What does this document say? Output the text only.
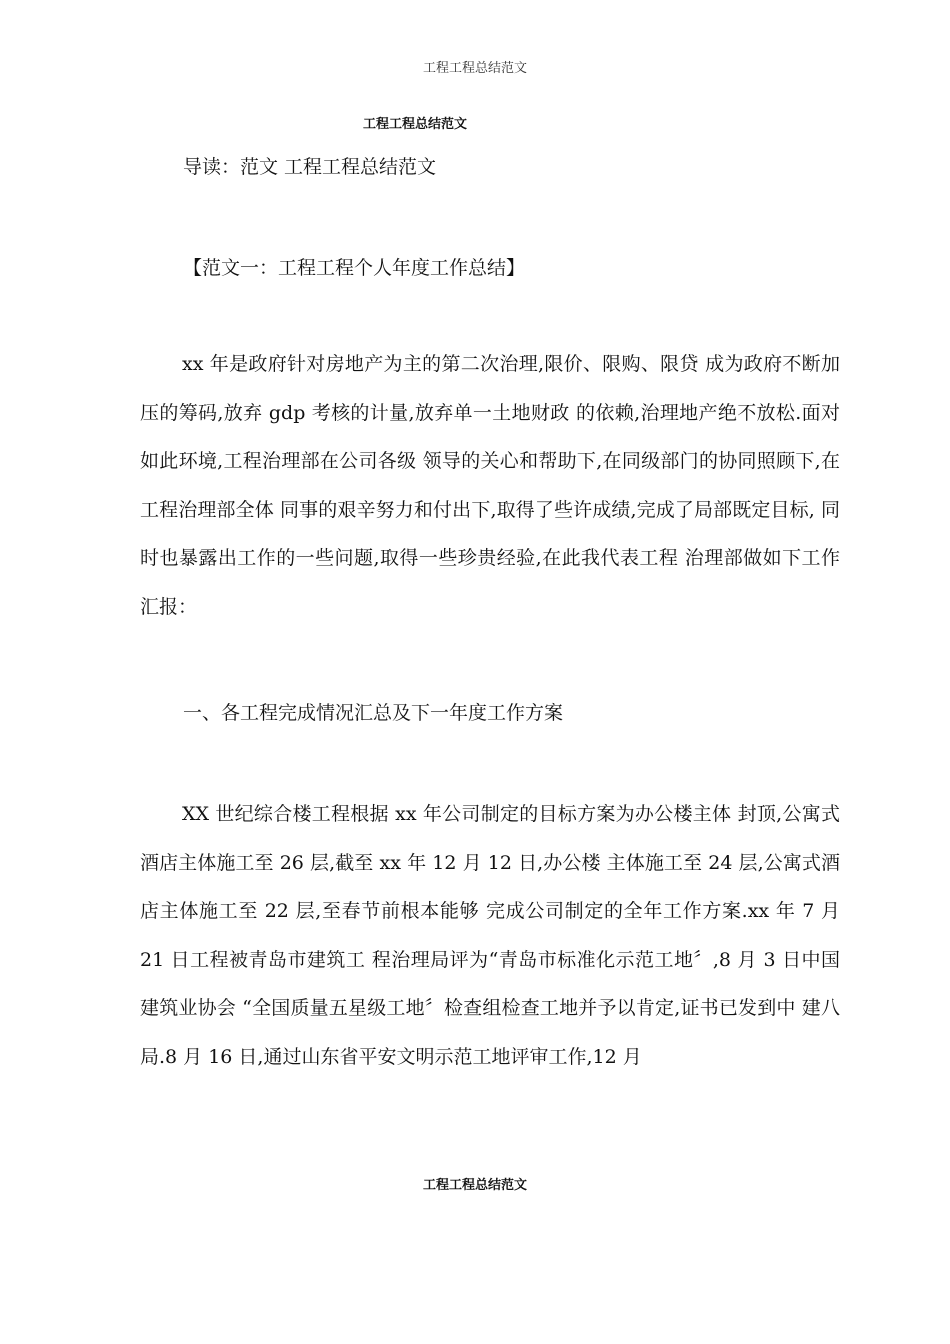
工程工程总结范文
工程工程总结范文
导读：范文 工程工程总结范文
【范文一：工程工程个人年度工作总结】

xx 年是政府针对房地产为主的第二次治理,限价、限购、限贷 成为政府不断加压的筹码,放弃 gdp 考核的计量,放弃单一土地财政 的依赖,治理地产绝不放松.面对如此环境,工程治理部在公司各级 领导的关心和帮助下,在同级部门的协同照顾下,在工程治理部全体 同事的艰辛努力和付出下,取得了些许成绩,完成了局部既定目标, 同时也暴露出工作的一些问题,取得一些珍贵经验,在此我代表工程 治理部做如下工作汇报：

一、各工程完成情况汇总及下一年度工作方案

XX 世纪综合楼工程根据 xx 年公司制定的目标方案为办公楼主体 封顶,公寓式酒店主体施工至 26 层,截至 xx 年 12 月 12 日,办公楼 主体施工至 24 层,公寓式酒店主体施工至 22 层,至春节前根本能够 完成公司制定的全年工作方案.xx 年 7 月 21 日工程被青岛市建筑工 程治理局评为“青岛市标准化示范工地〞,8 月 3 日中国建筑业协会 “全国质量五星级工地〞检查组检查工地并予以肯定,证书已发到中 建八局.8 月 16 日,通过山东省平安文明示范工地评审工作,12 月

工程工程总结范文
